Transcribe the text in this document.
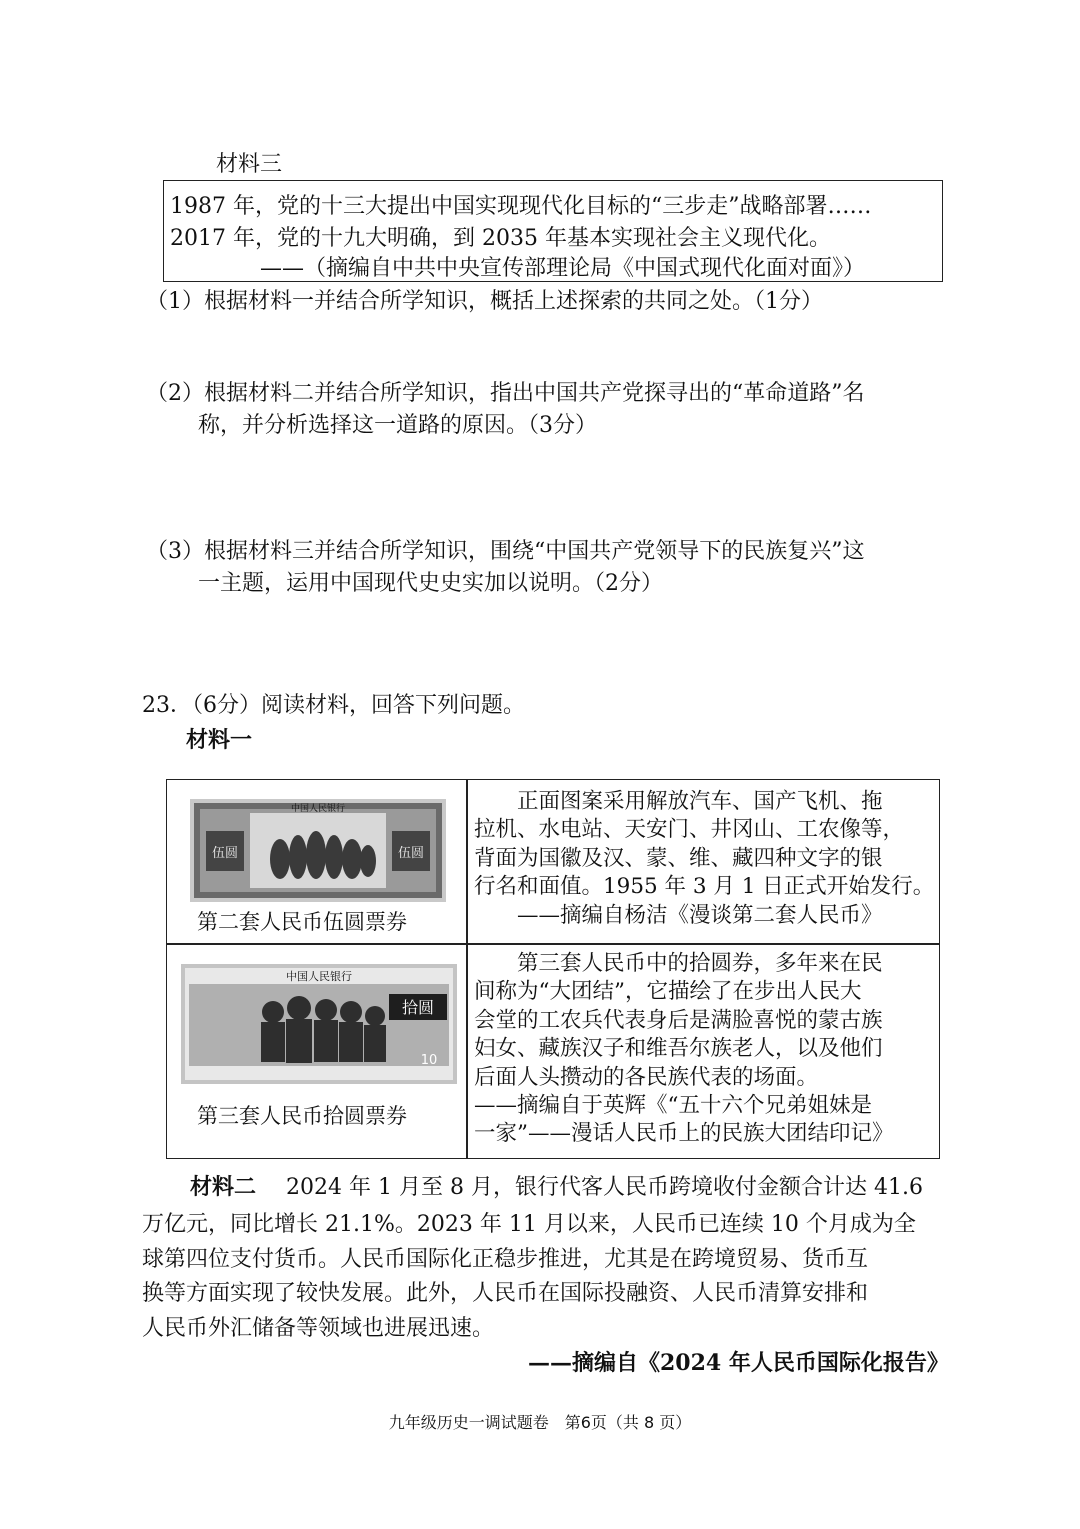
材料三
1987 年，党的十三大提出中国实现现代化目标的“三步走”战略部署……
2017 年，党的十九大明确，到 2035 年基本实现社会主义现代化。
——（摘编自中共中央宣传部理论局《中国式现代化面对面》）
（1）根据材料一并结合所学知识，概括上述探索的共同之处。（1分）
（2）根据材料二并结合所学知识，指出中国共产党探寻出的“革命道路”名
称，并分析选择这一道路的原因。（3分）
（3）根据材料三并结合所学知识，围绕“中国共产党领导下的民族复兴”这
一主题，运用中国现代史史实加以说明。（2分）
23．（6分）阅读材料，回答下列问题。
材料一
中国人民银行
伍圆	伍圆
第二套人民币伍圆票券
　　正面图案采用解放汽车、国产飞机、拖
拉机、水电站、天安门、井冈山、工农像等，
背面为国徽及汉、蒙、维、藏四种文字的银
行名和面值。1955 年 3 月 1 日正式开始发行。
　　——摘编自杨洁《漫谈第二套人民币》
中国人民银行
拾圆
10
第三套人民币拾圆票券
　　第三套人民币中的拾圆券，多年来在民
间称为“大团结”，它描绘了在步出人民大
会堂的工农兵代表身后是满脸喜悦的蒙古族
妇女、藏族汉子和维吾尔族老人，以及他们
后面人头攒动的各民族代表的场面。
——摘编自于英辉《“五十六个兄弟姐妹是
一家”——漫话人民币上的民族大团结印记》
材料二 2024 年 1 月至 8 月，银行代客人民币跨境收付金额合计达 41.6
万亿元，同比增长 21.1%。2023 年 11 月以来，人民币已连续 10 个月成为全
球第四位支付货币。人民币国际化正稳步推进，尤其是在跨境贸易、货币互
换等方面实现了较快发展。此外，人民币在国际投融资、人民币清算安排和
人民币外汇储备等领域也进展迅速。
——摘编自《2024 年人民币国际化报告》
九年级历史一调试题卷　第6页（共 8 页）
